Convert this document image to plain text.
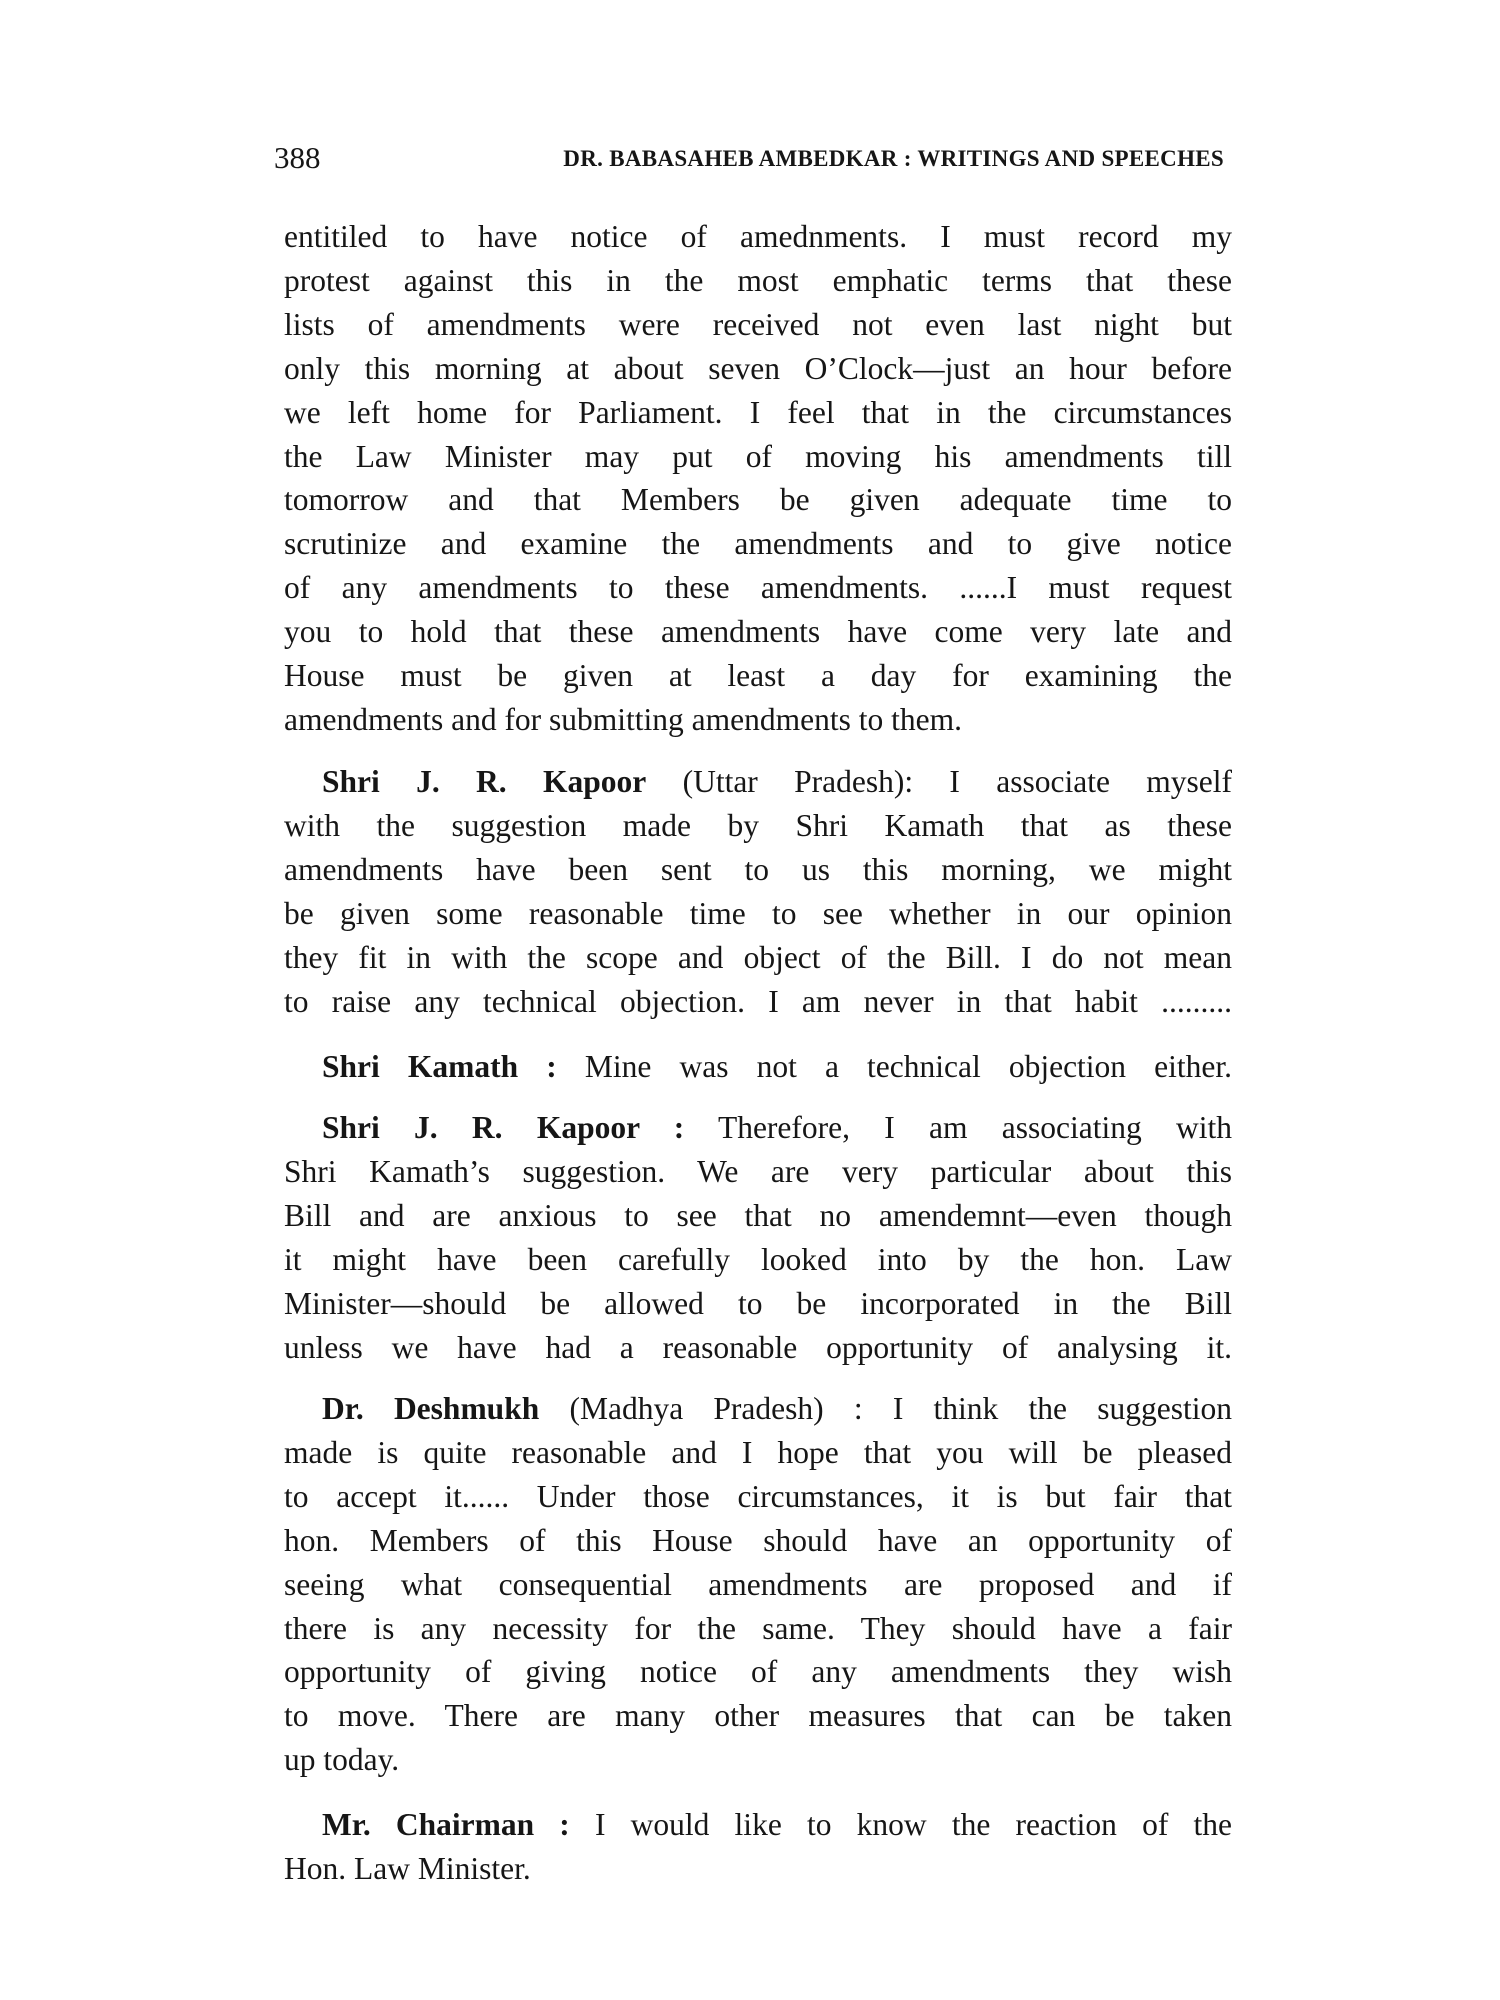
388	DR. BABASAHEB AMBEDKAR : WRITINGS AND SPEECHES
entitiled to have notice of amednments. I must record my
protest against this in the most emphatic terms that these
lists of amendments were received not even last night but
only this morning at about seven O’Clock—just an hour before
we left home for Parliament. I feel that in the circumstances
the Law Minister may put of moving his amendments till
tomorrow and that Members be given adequate time to
scrutinize and examine the amendments and to give notice
of any amendments to these amendments. ......I must request
you to hold that these amendments have come very late and
House must be given at least a day for examining the
amendments and for submitting amendments to them.
Shri J. R. Kapoor (Uttar Pradesh): I associate myself
with the suggestion made by Shri Kamath that as these
amendments have been sent to us this morning, we might
be given some reasonable time to see whether in our opinion
they fit in with the scope and object of the Bill. I do not mean
to raise any technical objection. I am never in that habit .........
Shri Kamath : Mine was not a technical objection either.
Shri J. R. Kapoor : Therefore, I am associating with
Shri Kamath’s suggestion. We are very particular about this
Bill and are anxious to see that no amendemnt—even though
it might have been carefully looked into by the hon. Law
Minister—should be allowed to be incorporated in the Bill
unless we have had a reasonable opportunity of analysing it.
Dr. Deshmukh (Madhya Pradesh) : I think the suggestion
made is quite reasonable and I hope that you will be pleased
to accept it...... Under those circumstances, it is but fair that
hon. Members of this House should have an opportunity of
seeing what consequential amendments are proposed and if
there is any necessity for the same. They should have a fair
opportunity of giving notice of any amendments they wish
to move. There are many other measures that can be taken
up today.
Mr. Chairman : I would like to know the reaction of the
Hon. Law Minister.
